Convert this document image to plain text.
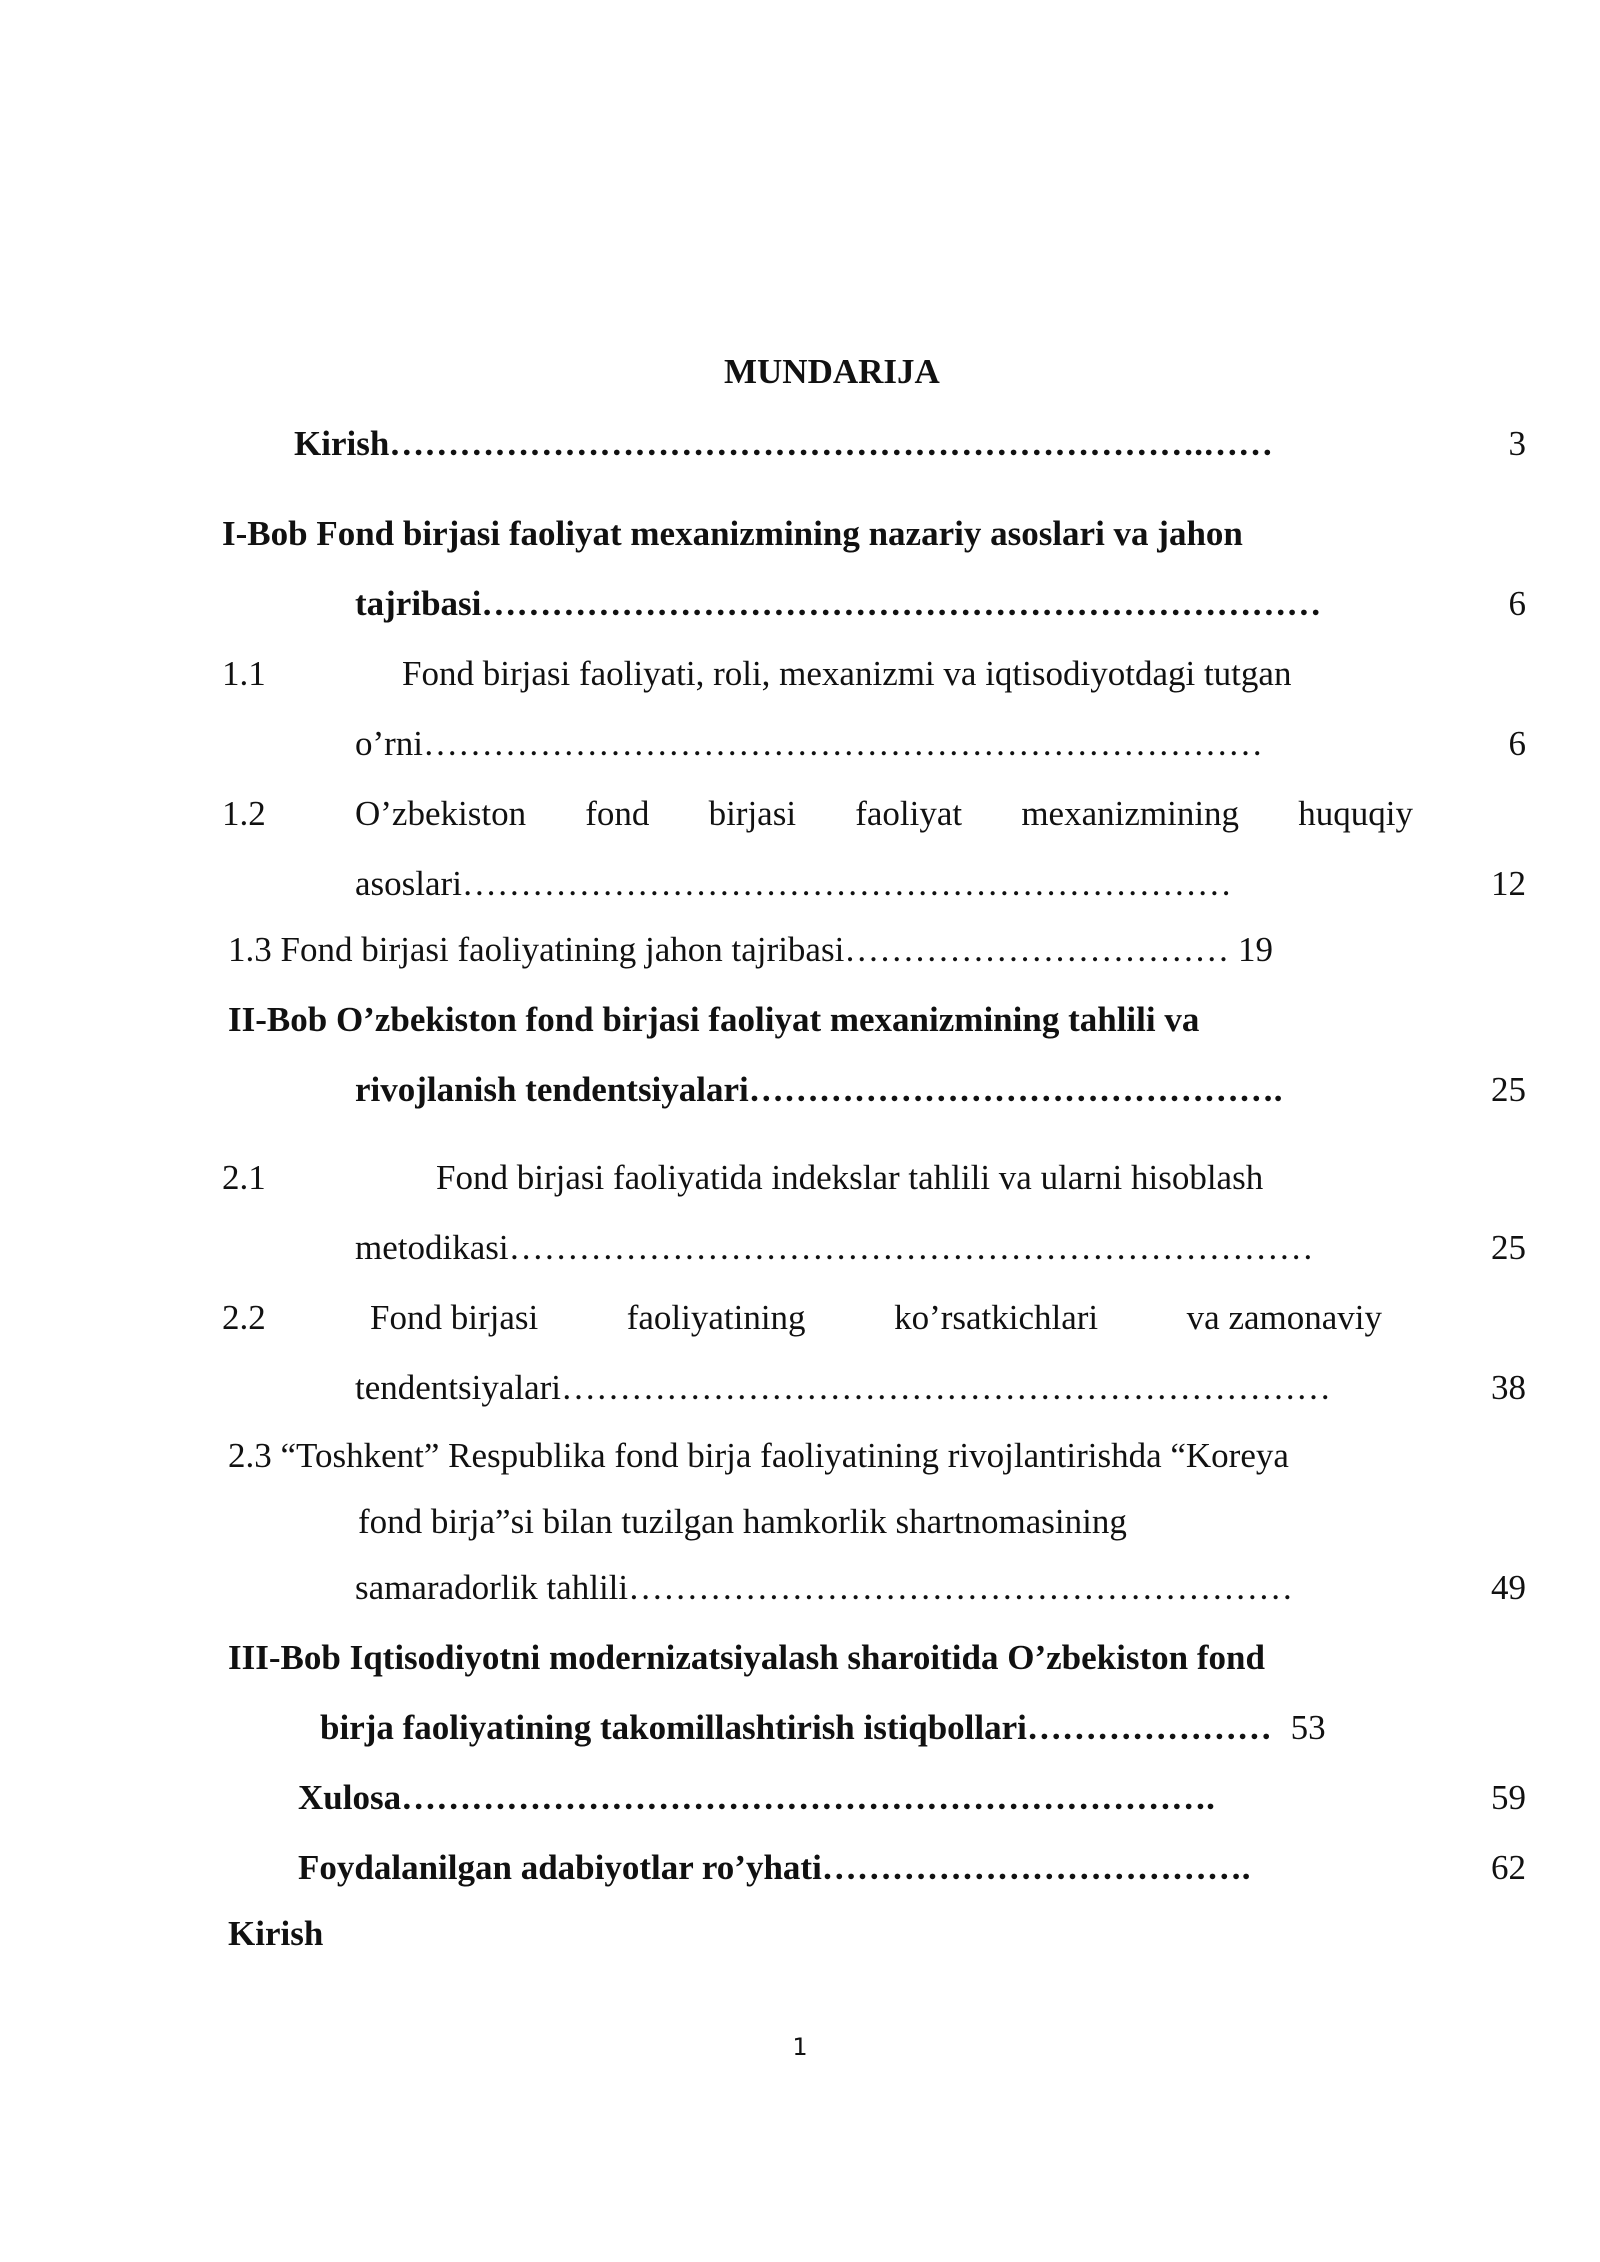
MUNDARIJA
Kirish…………………………………………………………….……	3
I-Bob Fond birjasi faoliyat mexanizmining nazariy asoslari va jahon
tajribasi………………………………………………………………	6
1.1	Fond birjasi faoliyati, roli, mexanizmi va iqtisodiyotdagi tutgan
o’rni………………………………………………………………	6
1.2	O’zbekiston fond birjasi faoliyat mexanizmining huquqiy
asoslari…………………………………………………………	12
1.3 Fond birjasi faoliyatining jahon tajribasi…………………………… 19
II-Bob O’zbekiston fond birjasi faoliyat mexanizmining tahlili va
rivojlanish tendentsiyalari……………………………………….	25
2.1	Fond birjasi faoliyatida indekslar tahlili va ularni hisoblash
metodikasi……………………………………………………………	25
2.2	Fond birjasi	faoliyatining	ko’rsatkichlari	va zamonaviy
tendentsiyalari…………………………………………………………	38
2.3 “Toshkent” Respublika fond birja faoliyatining rivojlantirishda “Koreya
fond birja”si bilan tuzilgan hamkorlik shartnomasining
samaradorlik tahlili…………………………………………………	49
III-Bob Iqtisodiyotni modernizatsiyalash sharoitida O’zbekiston fond
birja faoliyatining takomillashtirish istiqbollari………………… 53
Xulosa…………………………………………………………….	59
Foydalanilgan adabiyotlar ro’yhati……………………………….	62
Kirish
1
